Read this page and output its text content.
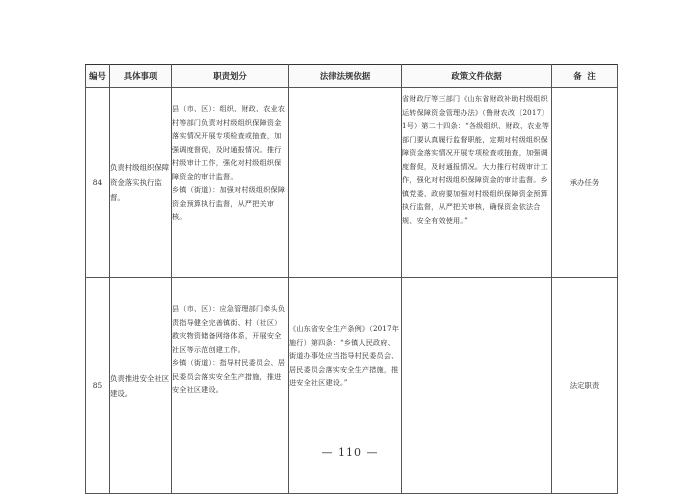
编号	具体事项	职责划分	法律法规依据	政策文件依据	备  注
84	负责村级组织保障资金落实执行监督。	县（市、区）：组织、财政、农业农村等部门负责对村级组织保障资金落实情况开展专项检查或抽查，加强调度督促，及时通报情况。推行村级审计工作，强化对村级组织保障资金的审计监督。
乡镇（街道）：加强对村级组织保障资金预算执行监督，从严把关审核。		省财政厅等三部门《山东省财政补助村级组织运转保障资金管理办法》（鲁财农改〔2017〕1号）第二十四条：“各级组织、财政、农业等部门要认真履行监督职能，定期对村级组织保障资金落实情况开展专项检查或抽查，加强调度督促，及时通报情况。大力推行村级审计工作，强化对村级组织保障资金的审计监督。乡镇党委、政府要加强对村级组织保障资金预算执行监督，从严把关审核，确保资金依法合规、安全有效使用。”	承办任务
85	负责推进安全社区建设。	县（市、区）：应急管理部门牵头负责指导健全完善镇街、村（社区）救灾物资储备网络体系，开展安全社区等示范创建工作。
乡镇（街道）：指导村民委员会、居民委员会落实安全生产措施，推进安全社区建设。	《山东省安全生产条例》（2017年施行）第四条：“乡镇人民政府、街道办事处应当指导村民委员会、居民委员会落实安全生产措施，推进安全社区建设。”		法定职责
— 110 —
